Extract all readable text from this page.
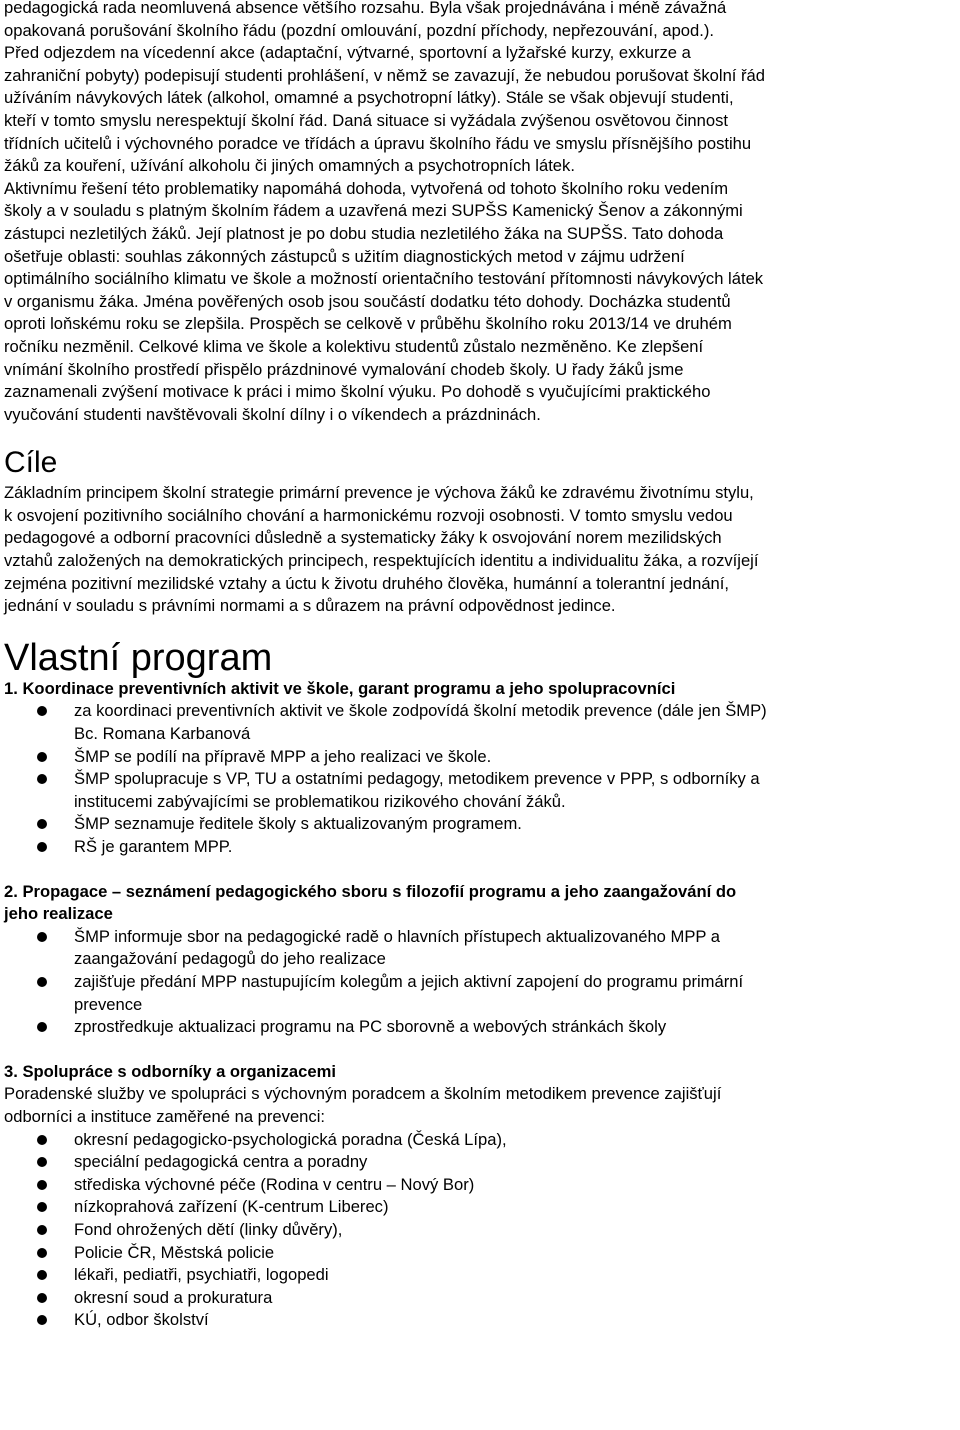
pedagogická rada neomluvená absence většího rozsahu. Byla však projednávána i méně závažná
opakovaná porušování školního řádu (pozdní omlouvání, pozdní příchody, nepřezouvání, apod.).
Před odjezdem na vícedenní akce (adaptační, výtvarné, sportovní a lyžařské kurzy, exkurze a
zahraniční pobyty) podepisují studenti prohlášení, v němž se zavazují, že nebudou porušovat školní řád
užíváním návykových látek (alkohol, omamné a psychotropní látky). Stále se však objevují studenti,
kteří v tomto smyslu nerespektují školní řád. Daná situace si vyžádala zvýšenou osvětovou činnost
třídních učitelů i výchovného poradce ve třídách a úpravu školního řádu ve smyslu přísnějšího postihu
žáků za kouření, užívání alkoholu či jiných omamných a psychotropních látek.
Aktivnímu řešení této problematiky napomáhá dohoda, vytvořená od tohoto školního roku vedením
školy a v souladu s platným školním řádem a uzavřená mezi SUPŠS Kamenický Šenov a zákonnými
zástupci nezletilých žáků. Její platnost je po dobu studia nezletilého žáka na SUPŠS. Tato dohoda
ošetřuje oblasti: souhlas zákonných zástupců s užitím diagnostických metod v zájmu udržení
optimálního sociálního klimatu ve škole a možností orientačního testování přítomnosti návykových látek
v organismu žáka. Jména pověřených osob jsou součástí dodatku této dohody. Docházka studentů
oproti loňskému roku se zlepšila. Prospěch se celkově v průběhu školního roku 2013/14 ve druhém
ročníku nezměnil. Celkové klima ve škole a kolektivu studentů zůstalo nezměněno. Ke zlepšení
vnímání školního prostředí přispělo prázdninové vymalování chodeb školy. U řady žáků jsme
zaznamenali zvýšení motivace k práci i mimo školní výuku. Po dohodě s vyučujícími praktického
vyučování studenti navštěvovali školní dílny i o víkendech a prázdninách.
Cíle
Základním principem školní strategie primární prevence je výchova žáků ke zdravému životnímu stylu,
k osvojení pozitivního sociálního chování a harmonickému rozvoji osobnosti. V tomto smyslu vedou
pedagogové a odborní pracovníci důsledně a systematicky žáky k osvojování norem mezilidských
vztahů založených na demokratických principech, respektujících identitu a individualitu žáka, a rozvíjejí
zejména pozitivní mezilidské vztahy a úctu k životu druhého člověka, humánní a tolerantní jednání,
jednání v souladu s právními normami a s důrazem na právní odpovědnost jedince.
Vlastní program
1. Koordinace preventivních aktivit ve škole, garant programu a jeho spolupracovníci
za koordinaci preventivních aktivit ve škole zodpovídá školní metodik prevence (dále jen ŠMP)
Bc. Romana Karbanová
ŠMP se podílí na přípravě MPP a jeho realizaci ve škole.
ŠMP spolupracuje s VP, TU a ostatními pedagogy, metodikem prevence v PPP, s odborníky a
institucemi zabývajícími se problematikou rizikového chování žáků.
ŠMP seznamuje ředitele školy s aktualizovaným programem.
RŠ je garantem MPP.
2. Propagace – seznámení pedagogického sboru s filozofií programu a jeho zaangažování do
jeho realizace
ŠMP informuje sbor na pedagogické radě o hlavních přístupech aktualizovaného MPP a
zaangažování pedagogů do jeho realizace
zajišťuje předání MPP nastupujícím kolegům a jejich aktivní zapojení do programu primární
prevence
zprostředkuje aktualizaci programu na PC sborovně a webových stránkách školy
3. Spolupráce s odborníky a organizacemi
Poradenské služby ve spolupráci s výchovným poradcem a školním metodikem prevence zajišťují
odborníci a instituce zaměřené na prevenci:
okresní pedagogicko-psychologická poradna (Česká Lípa),
speciální pedagogická centra a poradny
střediska výchovné péče (Rodina v centru – Nový Bor)
nízkoprahová zařízení (K-centrum Liberec)
Fond ohrožených dětí (linky důvěry),
Policie ČR, Městská policie
lékaři, pediatři, psychiatři, logopedi
okresní soud a prokuratura
KÚ, odbor školství
